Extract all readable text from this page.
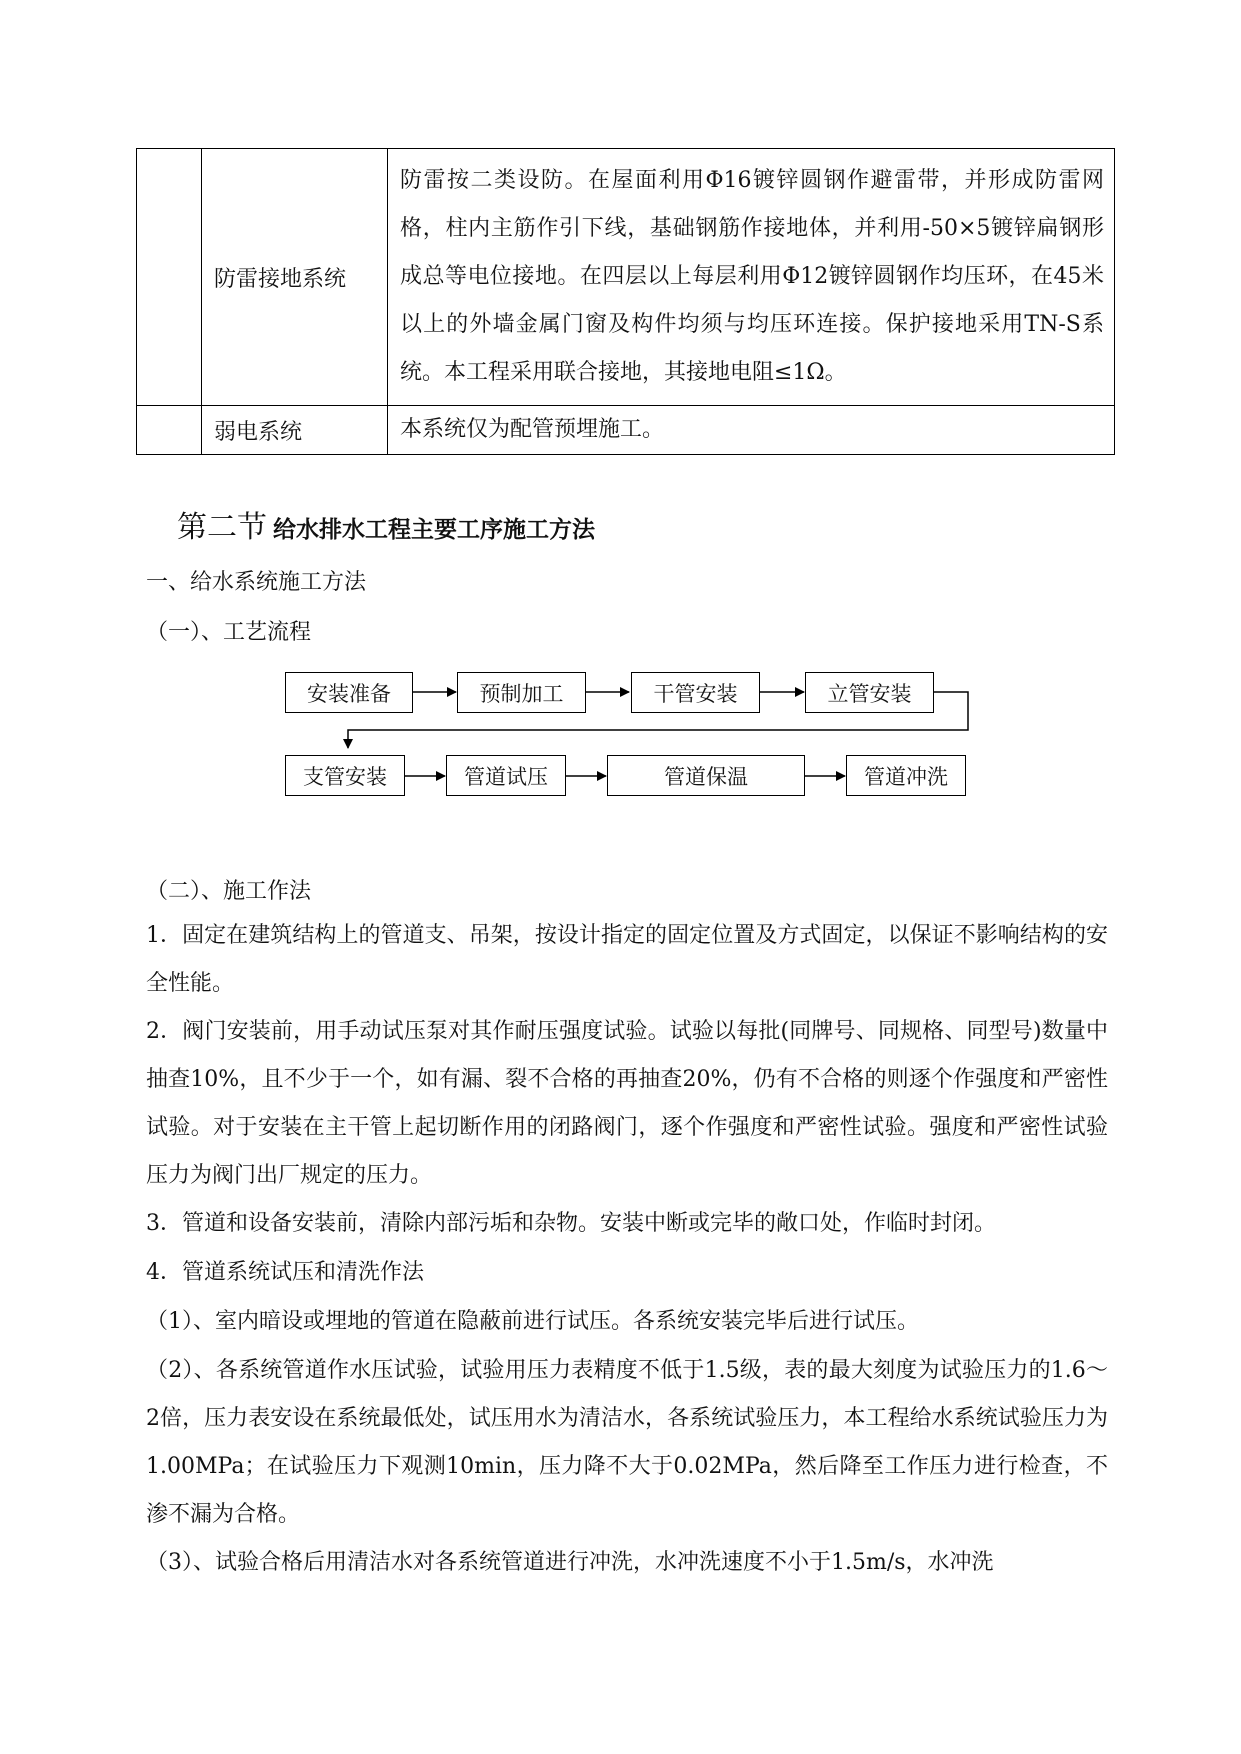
	防雷接地系统	防雷按二类设防。在屋面利用Φ16镀锌圆钢作避雷带，并形成防雷网格，柱内主筋作引下线，基础钢筋作接地体，并利用-50×5镀锌扁钢形成总等电位接地。在四层以上每层利用Φ12镀锌圆钢作均压环，在45米以上的外墙金属门窗及构件均须与均压环连接。保护接地采用TN-S系统。本工程采用联合接地，其接地电阻≤1Ω。
	弱电系统	本系统仅为配管预埋施工。
第二节 给水排水工程主要工序施工方法
一、给水系统施工方法
（一）、工艺流程
安装准备	预制加工	干管安装	立管安装
支管安装	管道试压	管道保温	管道冲洗
（二）、施工作法
1．固定在建筑结构上的管道支、吊架，按设计指定的固定位置及方式固定，以保证不影响结构的安全性能。
2．阀门安装前，用手动试压泵对其作耐压强度试验。试验以每批(同牌号、同规格、同型号)数量中抽查10%，且不少于一个，如有漏、裂不合格的再抽查20%，仍有不合格的则逐个作强度和严密性试验。对于安装在主干管上起切断作用的闭路阀门，逐个作强度和严密性试验。强度和严密性试验压力为阀门出厂规定的压力。
3．管道和设备安装前，清除内部污垢和杂物。安装中断或完毕的敞口处，作临时封闭。
4．管道系统试压和清洗作法
（1）、室内暗设或埋地的管道在隐蔽前进行试压。各系统安装完毕后进行试压。
（2）、各系统管道作水压试验，试验用压力表精度不低于1.5级，表的最大刻度为试验压力的1.6～2倍，压力表安设在系统最低处，试压用水为清洁水，各系统试验压力，本工程给水系统试验压力为1.00MPa；在试验压力下观测10min，压力降不大于0.02MPa，然后降至工作压力进行检查，不渗不漏为合格。
（3）、试验合格后用清洁水对各系统管道进行冲洗，水冲洗速度不小于1.5m/s，水冲洗
